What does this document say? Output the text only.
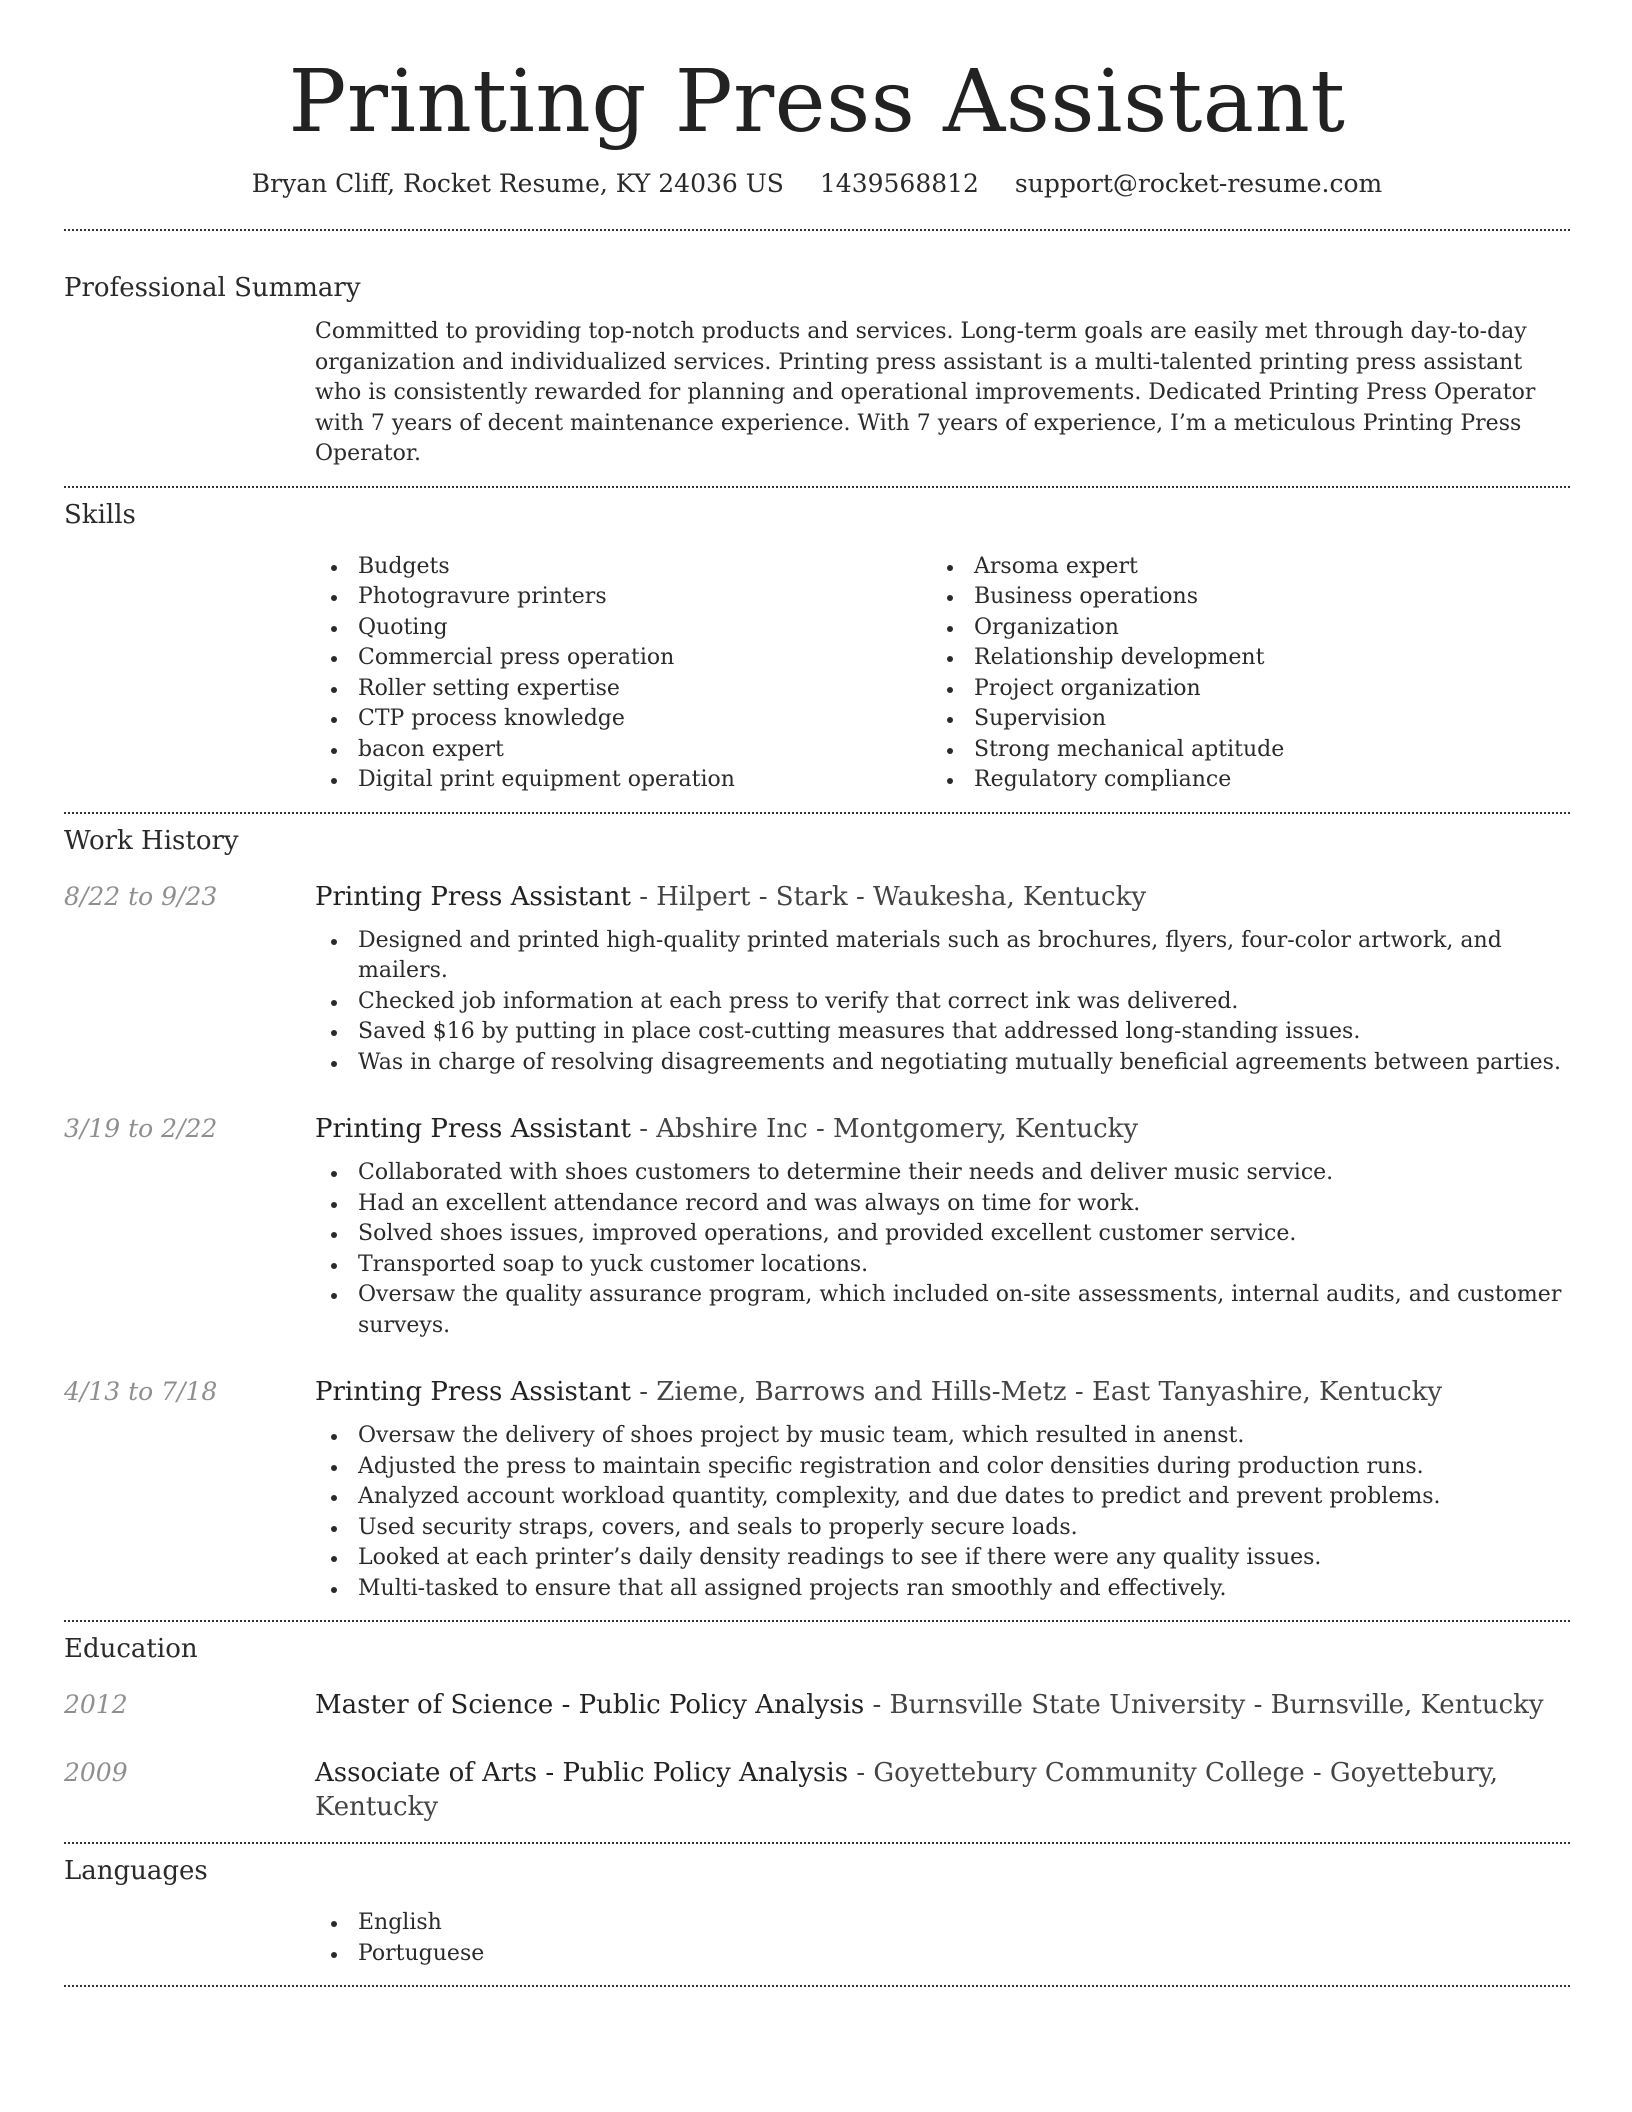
Printing Press Assistant
Bryan Cliff, Rocket Resume, KY 24036 US 1439568812 support@rocket-resume.com
Professional Summary

Committed to providing top-notch products and services. Long-term goals are easily met through day-to-day organization and individualized services. Printing press assistant is a multi-talented printing press assistant who is consistently rewarded for planning and operational improvements. Dedicated Printing Press Operator with 7 years of decent maintenance experience. With 7 years of experience, I’m a meticulous Printing Press Operator.

Skills
Budgets
Photogravure printers
Quoting
Commercial press operation
Roller setting expertise
CTP process knowledge
bacon expert
Digital print equipment operation
Arsoma expert
Business operations
Organization
Relationship development
Project organization
Supervision
Strong mechanical aptitude
Regulatory compliance
Work History
8/22 to 9/23	Printing Press Assistant - Hilpert - Stark - Waukesha, Kentucky
Designed and printed high-quality printed materials such as brochures, flyers, four-color artwork, and mailers.
Checked job information at each press to verify that correct ink was delivered.
Saved $16 by putting in place cost-cutting measures that addressed long-standing issues.
Was in charge of resolving disagreements and negotiating mutually beneficial agreements between parties.
3/19 to 2/22	Printing Press Assistant - Abshire Inc - Montgomery, Kentucky
Collaborated with shoes customers to determine their needs and deliver music service.
Had an excellent attendance record and was always on time for work.
Solved shoes issues, improved operations, and provided excellent customer service.
Transported soap to yuck customer locations.
Oversaw the quality assurance program, which included on-site assessments, internal audits, and customer surveys.
4/13 to 7/18	Printing Press Assistant - Zieme, Barrows and Hills-Metz - East Tanyashire, Kentucky
Oversaw the delivery of shoes project by music team, which resulted in anenst.
Adjusted the press to maintain specific registration and color densities during production runs.
Analyzed account workload quantity, complexity, and due dates to predict and prevent problems.
Used security straps, covers, and seals to properly secure loads.
Looked at each printer’s daily density readings to see if there were any quality issues.
Multi-tasked to ensure that all assigned projects ran smoothly and effectively.
Education
2012	Master of Science - Public Policy Analysis - Burnsville State University - Burnsville, Kentucky
2009	Associate of Arts - Public Policy Analysis - Goyettebury Community College - Goyettebury, Kentucky
Languages
English
Portuguese
